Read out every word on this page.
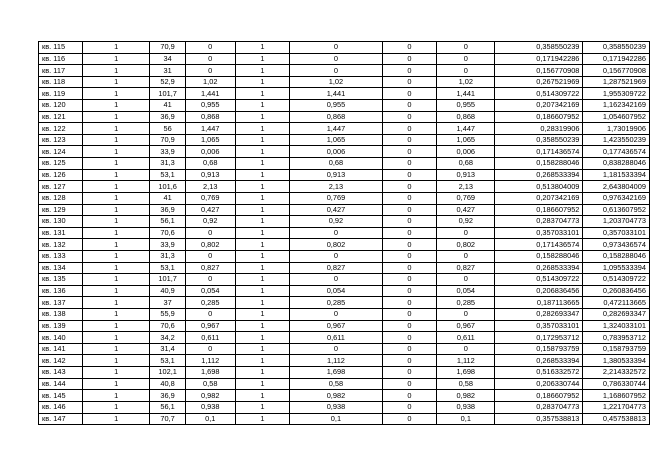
кв. 115	1	70,9	0	1	0	0	0	0,358550239	0,358550239
кв. 116	1	34	0	1	0	0	0	0,171942286	0,171942286
кв. 117	1	31	0	1	0	0	0	0,156770908	0,156770908
кв. 118	1	52,9	1,02	1	1,02	0	1,02	0,267521969	1,287521969
кв. 119	1	101,7	1,441	1	1,441	0	1,441	0,514309722	1,955309722
кв. 120	1	41	0,955	1	0,955	0	0,955	0,207342169	1,162342169
кв. 121	1	36,9	0,868	1	0,868	0	0,868	0,186607952	1,054607952
кв. 122	1	56	1,447	1	1,447	0	1,447	0,28319906	1,73019906
кв. 123	1	70,9	1,065	1	1,065	0	1,065	0,358550239	1,423550239
кв. 124	1	33,9	0,006	1	0,006	0	0,006	0,171436574	0,177436574
кв. 125	1	31,3	0,68	1	0,68	0	0,68	0,158288046	0,838288046
кв. 126	1	53,1	0,913	1	0,913	0	0,913	0,268533394	1,181533394
кв. 127	1	101,6	2,13	1	2,13	0	2,13	0,513804009	2,643804009
кв. 128	1	41	0,769	1	0,769	0	0,769	0,207342169	0,976342169
кв. 129	1	36,9	0,427	1	0,427	0	0,427	0,186607952	0,613607952
кв. 130	1	56,1	0,92	1	0,92	0	0,92	0,283704773	1,203704773
кв. 131	1	70,6	0	1	0	0	0	0,357033101	0,357033101
кв. 132	1	33,9	0,802	1	0,802	0	0,802	0,171436574	0,973436574
кв. 133	1	31,3	0	1	0	0	0	0,158288046	0,158288046
кв. 134	1	53,1	0,827	1	0,827	0	0,827	0,268533394	1,095533394
кв. 135	1	101,7	0	1	0	0	0	0,514309722	0,514309722
кв. 136	1	40,9	0,054	1	0,054	0	0,054	0,206836456	0,260836456
кв. 137	1	37	0,285	1	0,285	0	0,285	0,187113665	0,472113665
кв. 138	1	55,9	0	1	0	0	0	0,282693347	0,282693347
кв. 139	1	70,6	0,967	1	0,967	0	0,967	0,357033101	1,324033101
кв. 140	1	34,2	0,611	1	0,611	0	0,611	0,172953712	0,783953712
кв. 141	1	31,4	0	1	0	0	0	0,158793759	0,158793759
кв. 142	1	53,1	1,112	1	1,112	0	1,112	0,268533394	1,380533394
кв. 143	1	102,1	1,698	1	1,698	0	1,698	0,516332572	2,214332572
кв. 144	1	40,8	0,58	1	0,58	0	0,58	0,206330744	0,786330744
кв. 145	1	36,9	0,982	1	0,982	0	0,982	0,186607952	1,168607952
кв. 146	1	56,1	0,938	1	0,938	0	0,938	0,283704773	1,221704773
кв. 147	1	70,7	0,1	1	0,1	0	0,1	0,357538813	0,457538813
